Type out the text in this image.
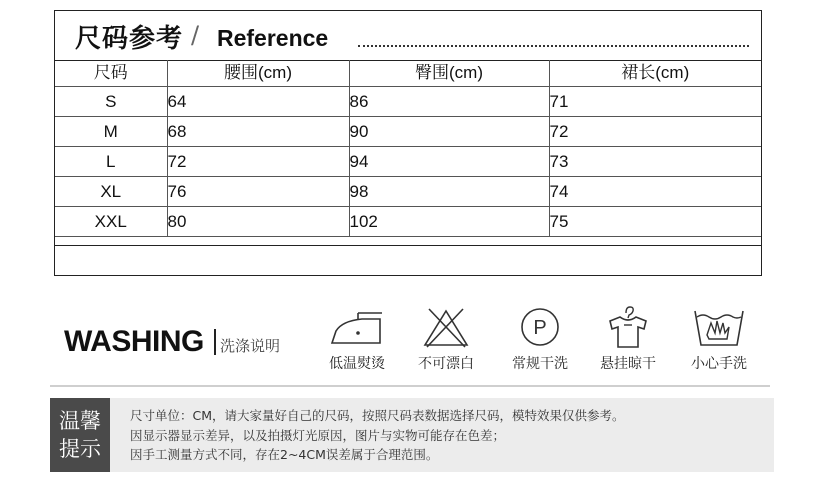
尺码参考 / Reference
尺码	腰围(cm)	臀围(cm)	裙长(cm)
S	64	86	71
M	68	90	72
L	72	94	73
XL	76	98	74
XXL	80	102	75
WASHING 洗涤说明
低温熨烫	不可漂白
P
常规干洗	悬挂晾干	小心手洗
温馨
提示
尺寸单位：CM，请大家量好自己的尺码，按照尺码表数据选择尺码，模特效果仅供参考。
因显示器显示差异，以及拍摄灯光原因，图片与实物可能存在色差；
因手工测量方式不同，存在2~4CM误差属于合理范围。
